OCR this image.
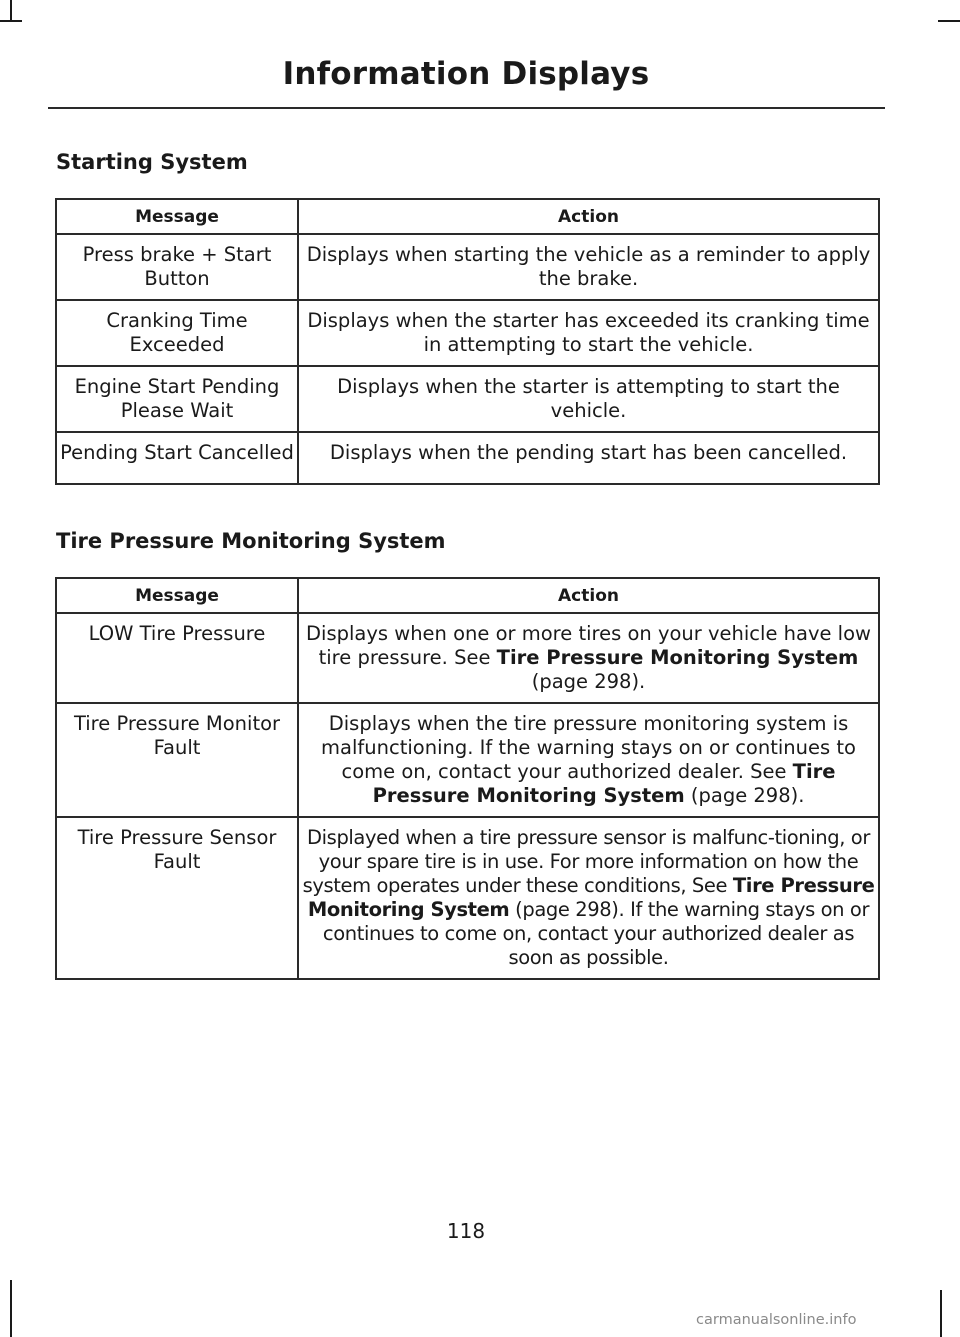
Information Displays
Starting System
Message	Action
Press brake + Start Button	Displays when starting the vehicle as a reminder to apply the brake.
Cranking Time Exceeded	Displays when the starter has exceeded its cranking time in attempting to start the vehicle.
Engine Start Pending Please Wait	Displays when the starter is attempting to start the vehicle.
Pending Start Cancelled	Displays when the pending start has been cancelled.
Tire Pressure Monitoring System
Message	Action
LOW Tire Pressure	Displays when one or more tires on your vehicle have low tire pressure. See Tire Pressure Monitoring System (page 298).
Tire Pressure Monitor Fault	Displays when the tire pressure monitoring system is malfunctioning. If the warning stays on or continues to come on, contact your authorized dealer. See Tire Pressure Monitoring System (page 298).
Tire Pressure Sensor Fault	Displayed when a tire pressure sensor is malfunc-tioning, or your spare tire is in use. For more information on how the system operates under these conditions, See Tire Pressure Monitoring System (page 298). If the warning stays on or continues to come on, contact your authorized dealer as soon as possible.
118
carmanualsonline.info
